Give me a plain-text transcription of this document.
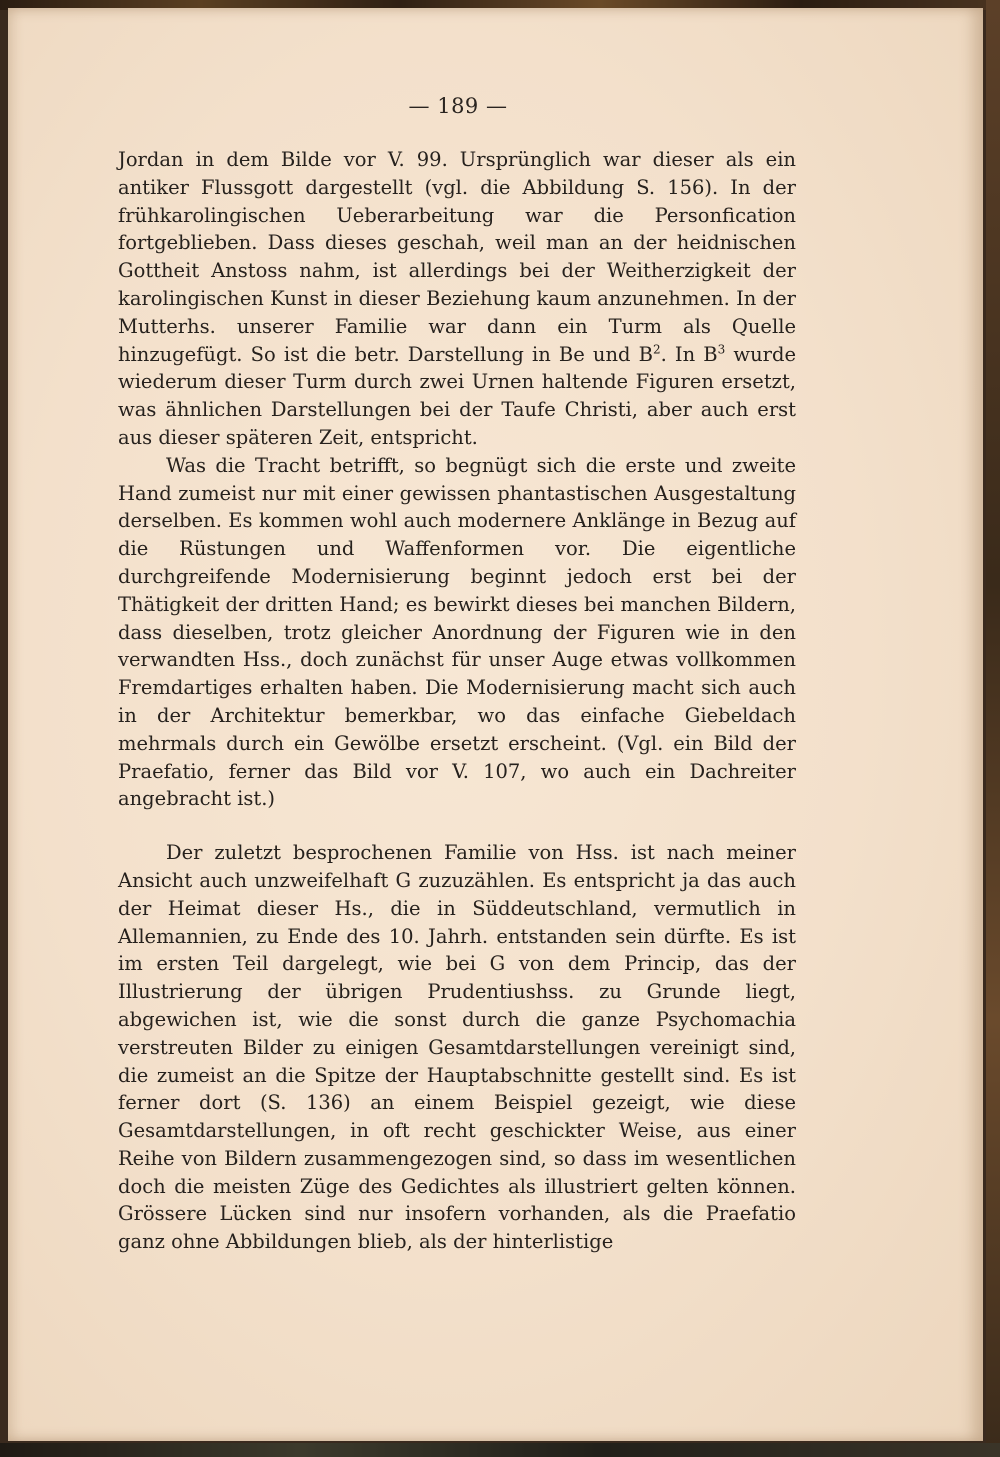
— 189 —

Jordan in dem Bilde vor V. 99. Ursprünglich war dieser als ein antiker Flussgott dargestellt (vgl. die Abbildung S. 156). In der frühkarolingischen Ueberarbeitung war die Personfication fortgeblieben. Dass dieses geschah, weil man an der heidnischen Gottheit Anstoss nahm, ist allerdings bei der Weitherzigkeit der karolingischen Kunst in dieser Beziehung kaum anzunehmen. In der Mutterhs. unserer Familie war dann ein Turm als Quelle hinzugefügt. So ist die betr. Darstellung in Be und $B^2$. In $B^3$ wurde wiederum dieser Turm durch zwei Urnen haltende Figuren ersetzt, was ähnlichen Darstellungen bei der Taufe Christi, aber auch erst aus dieser späteren Zeit, entspricht.

Was die Tracht betrifft, so begnügt sich die erste und zweite Hand zumeist nur mit einer gewissen phantastischen Ausgestaltung derselben. Es kommen wohl auch modernere Anklänge in Bezug auf die Rüstungen und Waffenformen vor. Die eigentliche durchgreifende Modernisierung beginnt jedoch erst bei der Thätigkeit der dritten Hand; es bewirkt dieses bei manchen Bildern, dass dieselben, trotz gleicher Anordnung der Figuren wie in den verwandten Hss., doch zunächst für unser Auge etwas vollkommen Fremdartiges erhalten haben. Die Modernisierung macht sich auch in der Architektur bemerkbar, wo das einfache Giebeldach mehrmals durch ein Gewölbe ersetzt erscheint. (Vgl. ein Bild der Praefatio, ferner das Bild vor V. 107, wo auch ein Dachreiter angebracht ist.)

Der zuletzt besprochenen Familie von Hss. ist nach meiner Ansicht auch unzweifelhaft G zuzuzählen. Es entspricht ja das auch der Heimat dieser Hs., die in Süddeutschland, vermutlich in Allemannien, zu Ende des 10. Jahrh. entstanden sein dürfte. Es ist im ersten Teil dargelegt, wie bei G von dem Princip, das der Illustrierung der übrigen Prudentiushss. zu Grunde liegt, abgewichen ist, wie die sonst durch die ganze Psychomachia verstreuten Bilder zu einigen Gesamtdarstellungen vereinigt sind, die zumeist an die Spitze der Hauptabschnitte gestellt sind. Es ist ferner dort (S. 136) an einem Beispiel gezeigt, wie diese Gesamtdarstellungen, in oft recht geschickter Weise, aus einer Reihe von Bildern zusammengezogen sind, so dass im wesentlichen doch die meisten Züge des Gedichtes als illustriert gelten können. Grössere Lücken sind nur insofern vorhanden, als die Praefatio ganz ohne Abbildungen blieb, als der hinterlistige
